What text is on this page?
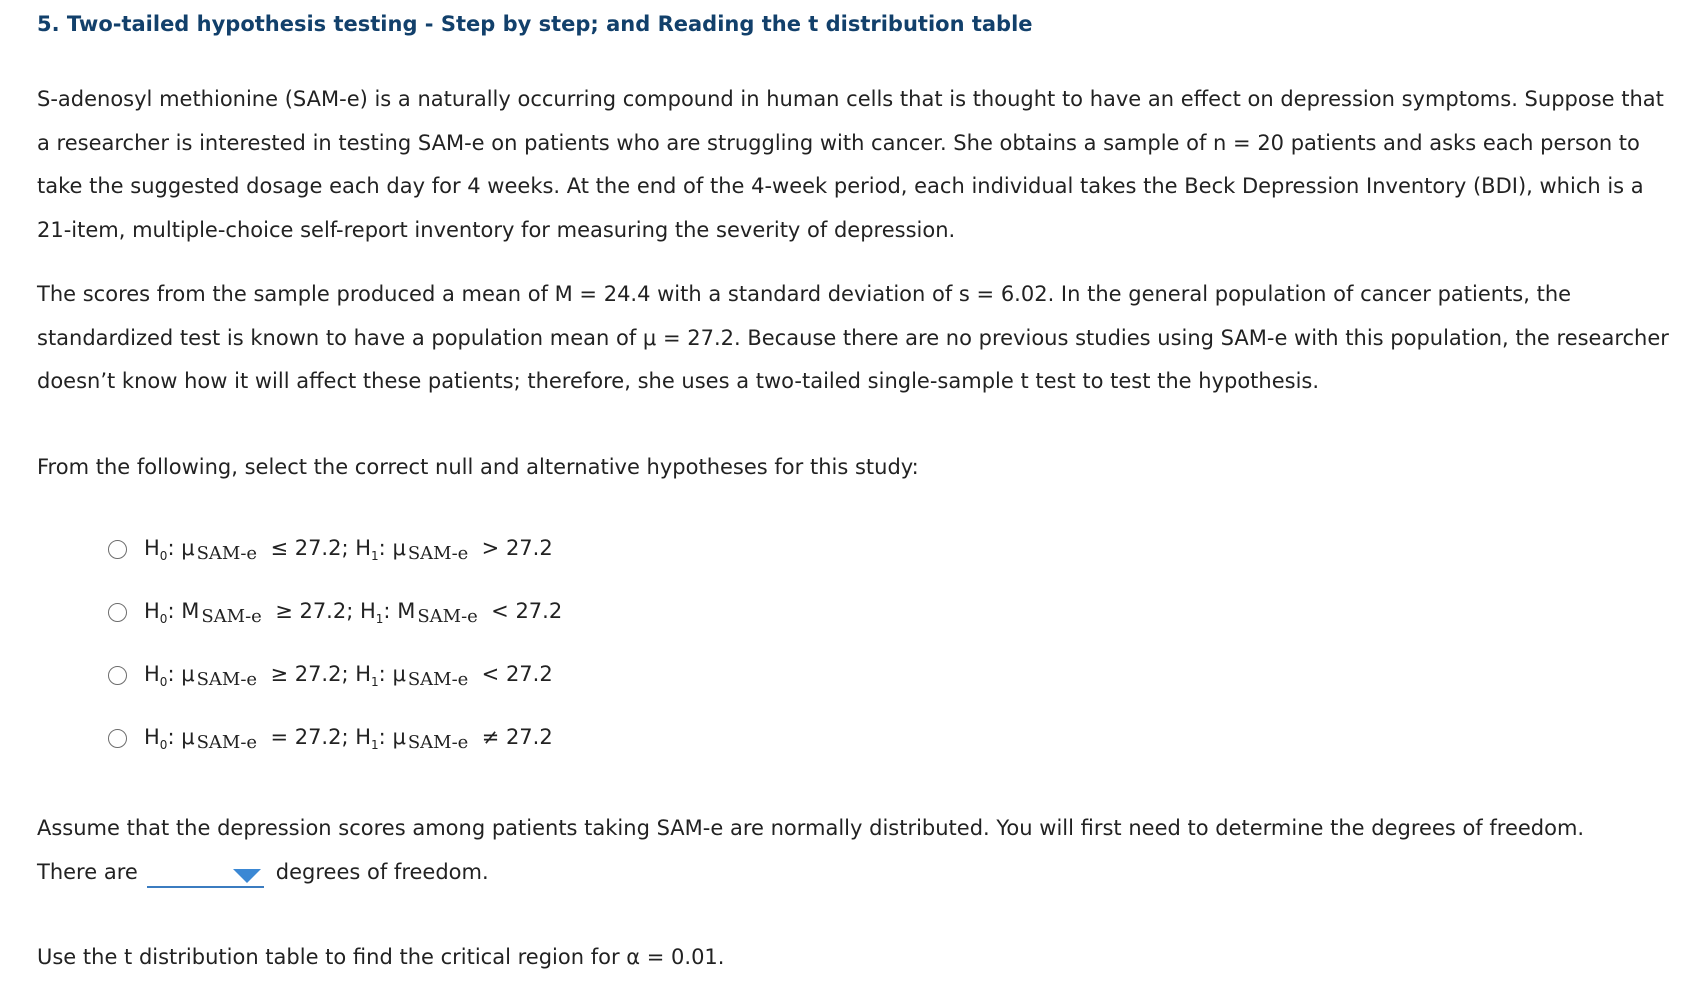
5. Two-tailed hypothesis testing - Step by step; and Reading the t distribution table

S-adenosyl methionine (SAM-e) is a naturally occurring compound in human cells that is thought to have an effect on depression symptoms. Suppose that a researcher is interested in testing SAM-e on patients who are struggling with cancer. She obtains a sample of n = 20 patients and asks each person to take the suggested dosage each day for 4 weeks. At the end of the 4-week period, each individual takes the Beck Depression Inventory (BDI), which is a 21-item, multiple-choice self-report inventory for measuring the severity of depression.

The scores from the sample produced a mean of M = 24.4 with a standard deviation of s = 6.02. In the general population of cancer patients, the standardized test is known to have a population mean of μ = 27.2. Because there are no previous studies using SAM-e with this population, the researcher doesn’t know how it will affect these patients; therefore, she uses a two-tailed single-sample t test to test the hypothesis.

From the following, select the correct null and alternative hypotheses for this study:

$H_0$: μ SAM-e ≤ 27.2; $H_1$: μ SAM-e > 27.2
$H_0$: M SAM-e ≥ 27.2; $H_1$: M SAM-e < 27.2
$H_0$: μ SAM-e ≥ 27.2; $H_1$: μ SAM-e < 27.2
$H_0$: μ SAM-e = 27.2; $H_1$: μ SAM-e ≠ 27.2

Assume that the depression scores among patients taking SAM-e are normally distributed. You will first need to determine the degrees of freedom.
There are	degrees of freedom.

Use the t distribution table to find the critical region for α = 0.01.
